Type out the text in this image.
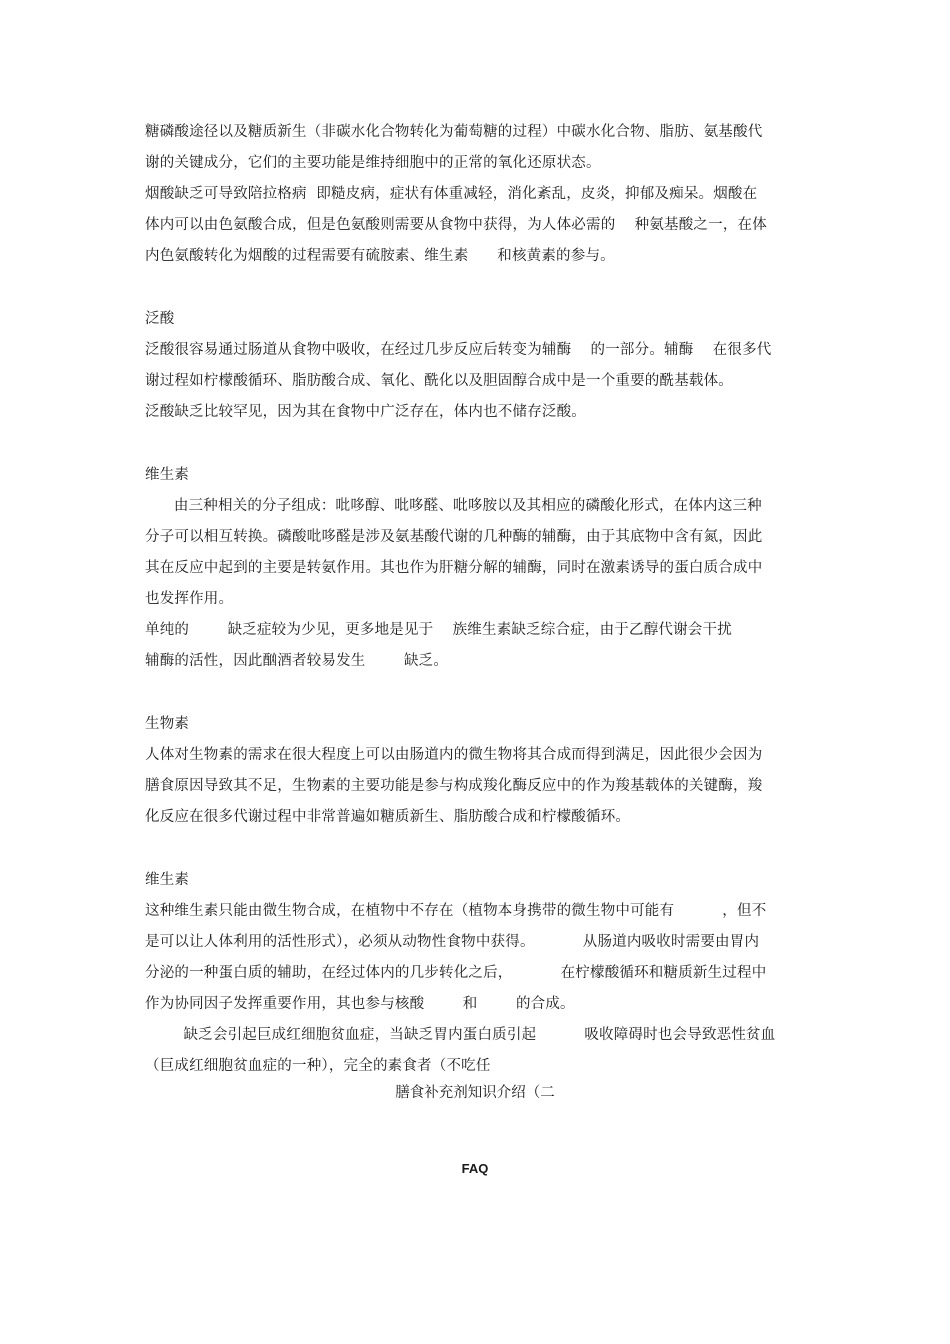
糖磷酸途径以及糖质新生（非碳水化合物转化为葡萄糖的过程）中碳水化合物、脂肪、氨基酸代
谢的关键成分，它们的主要功能是维持细胞中的正常的氧化还原状态。
烟酸缺乏可导致陪拉格病  即糙皮病，症状有体重减轻，消化紊乱，皮炎，抑郁及痴呆。烟酸在
体内可以由色氨酸合成，但是色氨酸则需要从食物中获得，为人体必需的    种氨基酸之一，在体
内色氨酸转化为烟酸的过程需要有硫胺素、维生素      和核黄素的参与。
泛酸
泛酸很容易通过肠道从食物中吸收，在经过几步反应后转变为辅酶    的一部分。辅酶    在很多代
谢过程如柠檬酸循环、脂肪酸合成、氧化、酰化以及胆固醇合成中是一个重要的酰基载体。
泛酸缺乏比较罕见，因为其在食物中广泛存在，体内也不储存泛酸。
维生素
由三种相关的分子组成：吡哆醇、吡哆醛、吡哆胺以及其相应的磷酸化形式，在体内这三种
分子可以相互转换。磷酸吡哆醛是涉及氨基酸代谢的几种酶的辅酶，由于其底物中含有氮，因此
其在反应中起到的主要是转氨作用。其也作为肝糖分解的辅酶，同时在激素诱导的蛋白质合成中
也发挥作用。
单纯的        缺乏症较为少见，更多地是见于    族维生素缺乏综合症，由于乙醇代谢会干扰
辅酶的活性，因此酗酒者较易发生        缺乏。
生物素
人体对生物素的需求在很大程度上可以由肠道内的微生物将其合成而得到满足，因此很少会因为
膳食原因导致其不足，生物素的主要功能是参与构成羧化酶反应中的作为羧基载体的关键酶，羧
化反应在很多代谢过程中非常普遍如糖质新生、脂肪酸合成和柠檬酸循环。
维生素
这种维生素只能由微生物合成，在植物中不存在（植物本身携带的微生物中可能有          ，但不
是可以让人体利用的活性形式），必须从动物性食物中获得。          从肠道内吸收时需要由胃内
分泌的一种蛋白质的辅助，在经过体内的几步转化之后，          在柠檬酸循环和糖质新生过程中
作为协同因子发挥重要作用，其也参与核酸        和        的合成。
缺乏会引起巨成红细胞贫血症，当缺乏胃内蛋白质引起          吸收障碍时也会导致恶性贫血
（巨成红细胞贫血症的一种），完全的素食者（不吃任
膳食补充剂知识介绍（二
FAQ
